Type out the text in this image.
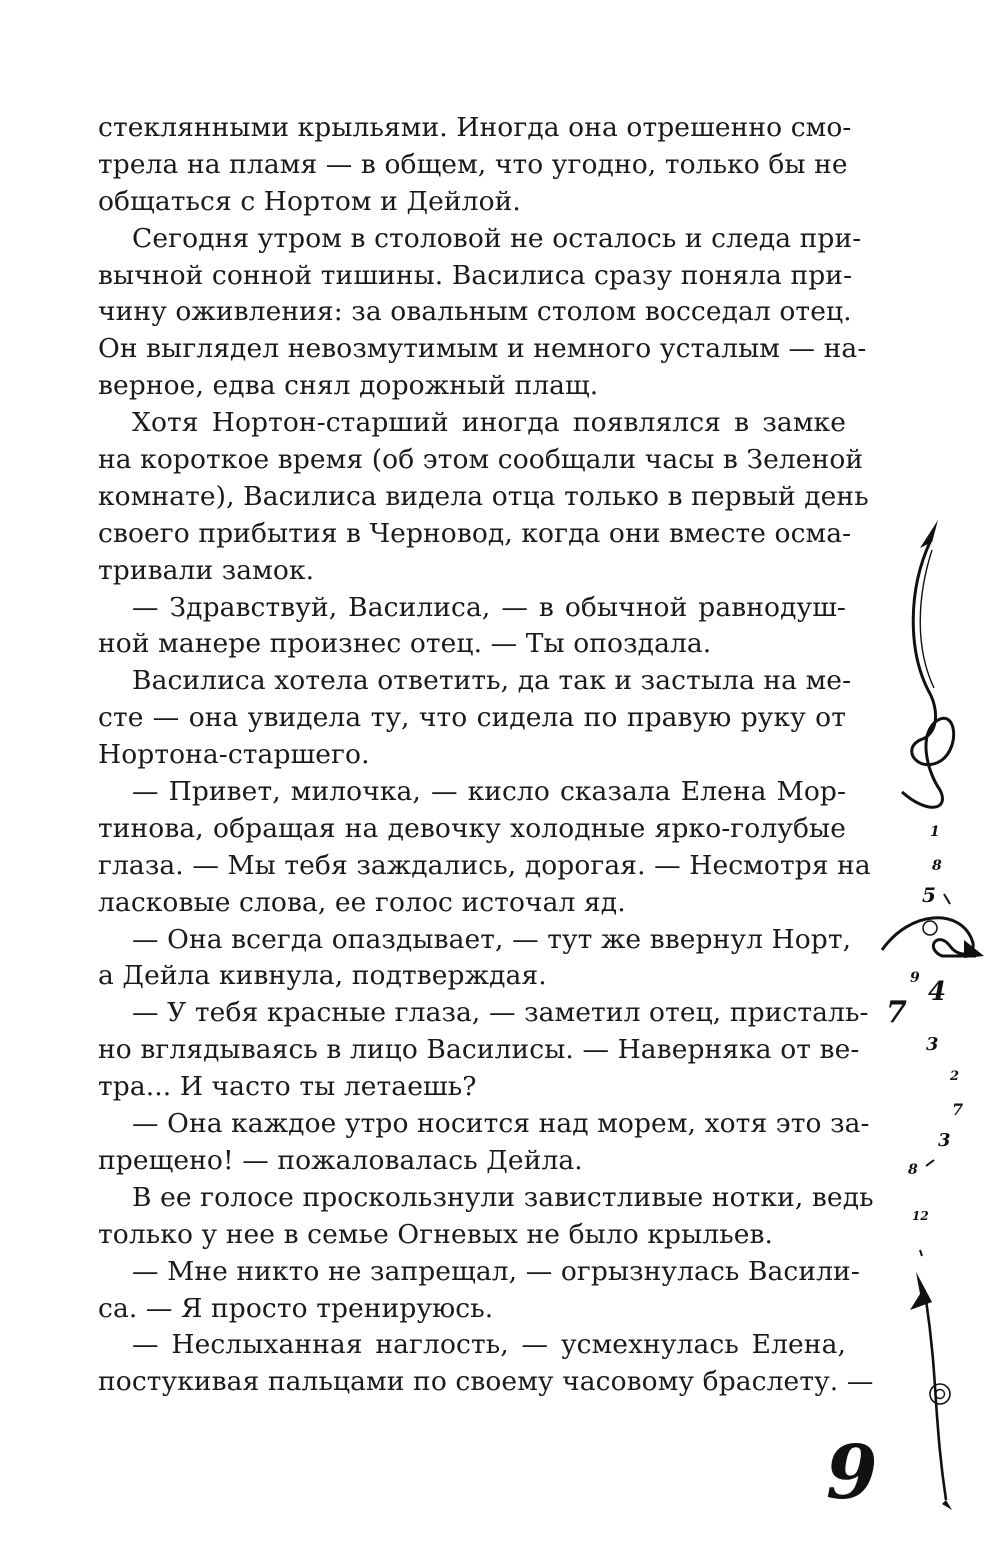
стеклянными крыльями. Иногда она отрешенно смо-
трела на пламя — в общем, что угодно, только бы не
общаться с Нортом и Дейлой.
Сегодня утром в столовой не осталось и следа при-
вычной сонной тишины. Василиса сразу поняла при-
чину оживления: за овальным столом восседал отец.
Он выглядел невозмутимым и немного усталым — на-
верное, едва снял дорожный плащ.
Хотя Нортон-старший иногда появлялся в замке
на короткое время (об этом сообщали часы в Зеленой
комнате), Василиса видела отца только в первый день
своего прибытия в Черновод, когда они вместе осма-
тривали замок.
— Здравствуй, Василиса, — в обычной равнодуш-
ной манере произнес отец. — Ты опоздала.
Василиса хотела ответить, да так и застыла на ме-
сте — она увидела ту, что сидела по правую руку от
Нортона-старшего.
— Привет, милочка, — кисло сказала Елена Мор-
тинова, обращая на девочку холодные ярко-голубые
глаза. — Мы тебя заждались, дорогая. — Несмотря на
ласковые слова, ее голос источал яд.
— Она всегда опаздывает, — тут же ввернул Норт,
а Дейла кивнула, подтверждая.
— У тебя красные глаза, — заметил отец, присталь-
но вглядываясь в лицо Василисы. — Наверняка от ве-
тра... И часто ты летаешь?
— Она каждое утро носится над морем, хотя это за-
прещено! — пожаловалась Дейла.
В ее голосе проскользнули завистливые нотки, ведь
только у нее в семье Огневых не было крыльев.
— Мне никто не запрещал, — огрызнулась Васили-
са. — Я просто тренируюсь.
— Неслыханная наглость, — усмехнулась Елена,
постукивая пальцами по своему часовому браслету. —
1
8
5
9 4
7
3
2
7
3
8
12
9
